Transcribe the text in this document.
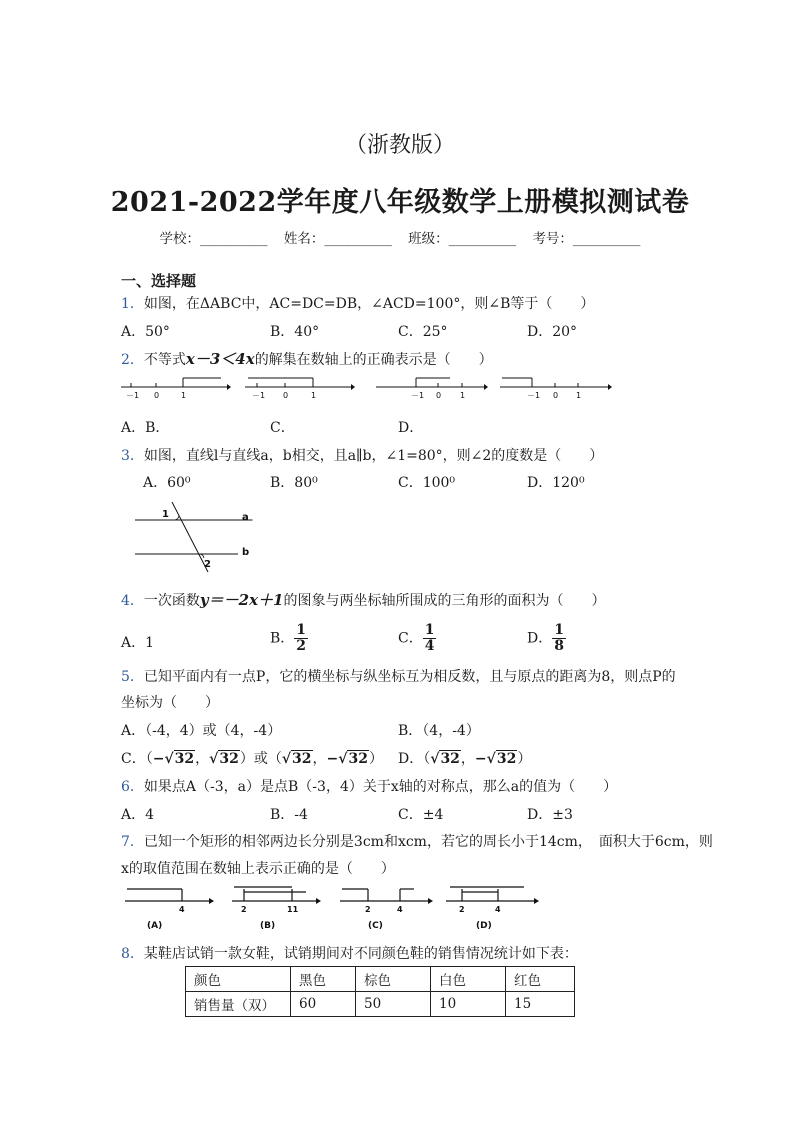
（浙教版）
2021-2022学年度八年级数学上册模拟测试卷
学校：__________ 姓名：__________ 班级：__________ 考号：__________
一、选择题
1．如图，在ΔABC中，AC=DC=DB，∠ACD=100°，则∠B等于（　　）
A．50°	B．40°	C．25°	D．20°
2．不等式x－3＜4x的解集在数轴上的正确表示是（　　）
－1 0	1	－1 0	1	－1 0 1	－1 0 1
A．B．	C．	D．
3．如图，直线l与直线a，b相交，且a∥b，∠1=80°，则∠2的度数是（　　）
A．60⁰	B．80⁰	C．100⁰	D．120⁰
1
2
a
b
4．一次函数y＝－2x＋1的图象与两坐标轴所围成的三角形的面积为（　　）
A．1	B． $\frac{1}{2}$	C． $\frac{1}{4}$	D． $\frac{1}{8}$
5．已知平面内有一点P，它的横坐标与纵坐标互为相反数，且与原点的距离为8，则点P的
坐标为（　　）
A．（-4，4）或（4，-4）	B．（4，-4）
C．（−√32，√32）或（√32，−√32） D．（√32，−√32）
6．如果点A（-3，a）是点B（-3，4）关于x轴的对称点，那么a的值为（　　）
A．4	B．-4	C．±4	D．±3
7．已知一个矩形的相邻两边长分别是3cm和xcm，若它的周长小于14cm，　面积大于6cm，则
x的取值范围在数轴上表示正确的是（　　）
4
(A)
2	11
(B)
2	4
(C)
2	4
(D)
8．某鞋店试销一款女鞋，试销期间对不同颜色鞋的销售情况统计如下表：
颜色	黑色	棕色	白色	红色
销售量（双）	60	50	10	15
